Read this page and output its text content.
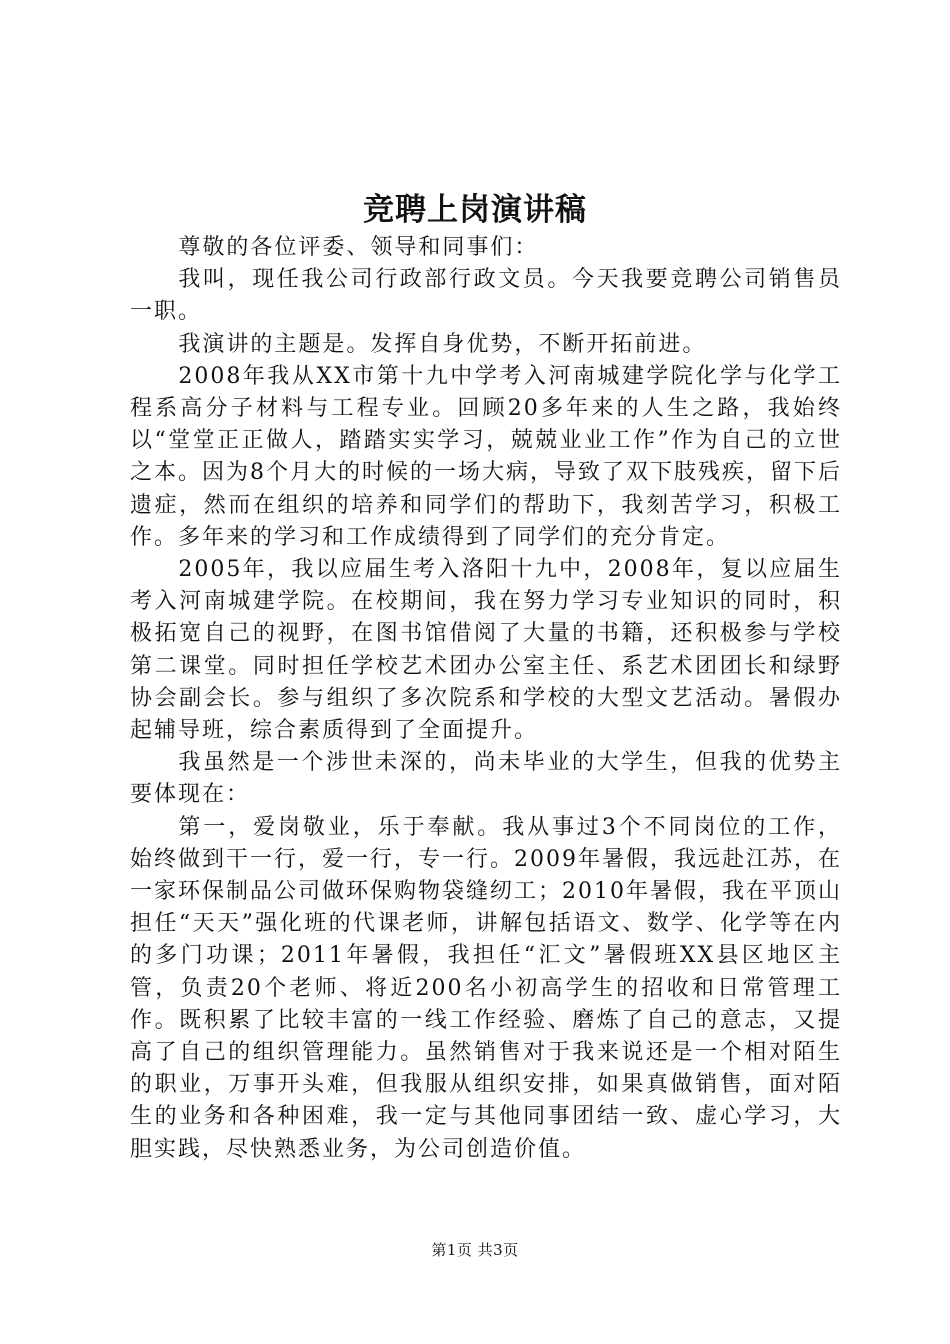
竞聘上岗演讲稿

尊敬的各位评委、领导和同事们：

我叫，现任我公司行政部行政文员。今天我要竞聘公司销售员一职。

我演讲的主题是。发挥自身优势，不断开拓前进。

2008年我从XX市第十九中学考入河南城建学院化学与化学工程系高分子材料与工程专业。回顾20多年来的人生之路，我始终以“堂堂正正做人，踏踏实实学习，兢兢业业工作”作为自己的立世之本。因为8个月大的时候的一场大病，导致了双下肢残疾，留下后遗症，然而在组织的培养和同学们的帮助下，我刻苦学习，积极工作。多年来的学习和工作成绩得到了同学们的充分肯定。

2005年，我以应届生考入洛阳十九中，2008年，复以应届生考入河南城建学院。在校期间，我在努力学习专业知识的同时，积极拓宽自己的视野，在图书馆借阅了大量的书籍，还积极参与学校第二课堂。同时担任学校艺术团办公室主任、系艺术团团长和绿野协会副会长。参与组织了多次院系和学校的大型文艺活动。暑假办起辅导班，综合素质得到了全面提升。

我虽然是一个涉世未深的，尚未毕业的大学生，但我的优势主要体现在：

第一，爱岗敬业，乐于奉献。我从事过3个不同岗位的工作，始终做到干一行，爱一行，专一行。2009年暑假，我远赴江苏，在一家环保制品公司做环保购物袋缝纫工；2010年暑假，我在平顶山担任“天天”强化班的代课老师，讲解包括语文、数学、化学等在内的多门功课；2011年暑假，我担任“汇文”暑假班XX县区地区主管，负责20个老师、将近200名小初高学生的招收和日常管理工作。既积累了比较丰富的一线工作经验、磨炼了自己的意志，又提高了自己的组织管理能力。虽然销售对于我来说还是一个相对陌生的职业，万事开头难，但我服从组织安排，如果真做销售，面对陌生的业务和各种困难，我一定与其他同事团结一致、虚心学习，大胆实践，尽快熟悉业务，为公司创造价值。

第1页 共3页
